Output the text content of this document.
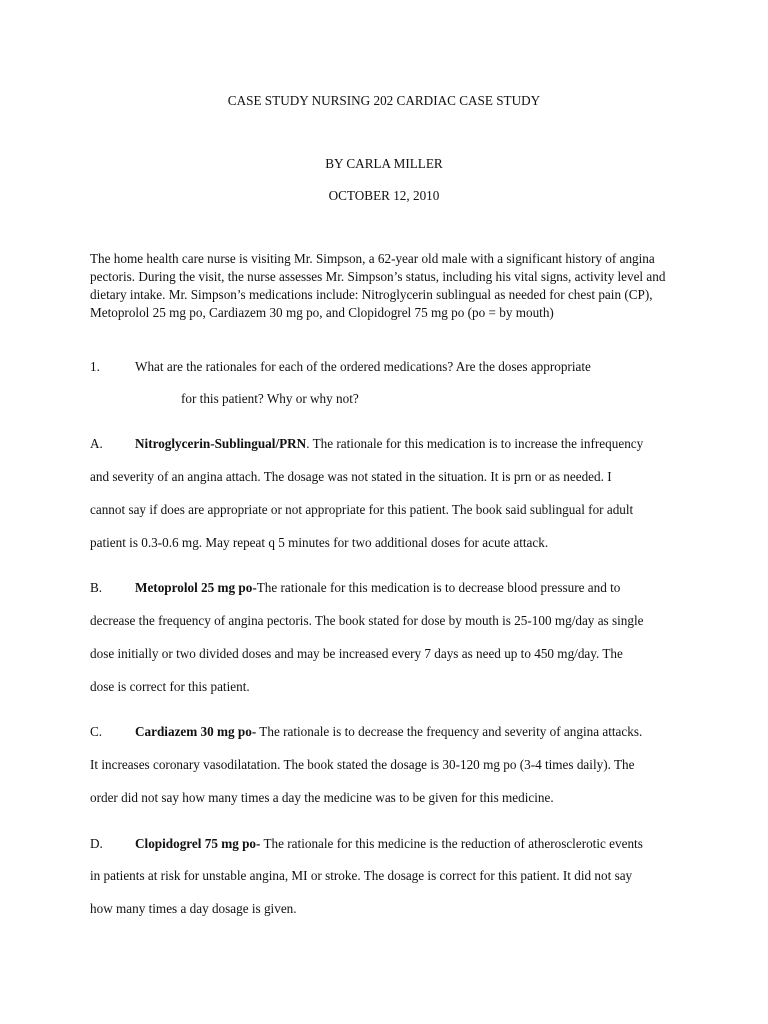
CASE STUDY NURSING 202 CARDIAC CASE STUDY
BY CARLA MILLER
OCTOBER 12, 2010

The home health care nurse is visiting Mr. Simpson, a 62-year old male with a significant history of angina pectoris. During the visit, the nurse assesses Mr. Simpson’s status, including his vital signs, activity level and dietary intake. Mr. Simpson’s medications include: Nitroglycerin sublingual as needed for chest pain (CP), Metoprolol 25 mg po, Cardiazem 30 mg po, and Clopidogrel 75 mg po (po = by mouth)

1.	What are the rationales for each of the ordered medications? Are the doses appropriate
for this patient? Why or why not?
A. Nitroglycerin-Sublingual/PRN. The rationale for this medication is to increase the infrequency
and severity of an angina attach. The dosage was not stated in the situation. It is prn or as needed. I
cannot say if does are appropriate or not appropriate for this patient. The book said sublingual for adult
patient is 0.3-0.6 mg. May repeat q 5 minutes for two additional doses for acute attack.
B. Metoprolol 25 mg po-The rationale for this medication is to decrease blood pressure and to
decrease the frequency of angina pectoris. The book stated for dose by mouth is 25-100 mg/day as single
dose initially or two divided doses and may be increased every 7 days as need up to 450 mg/day. The
dose is correct for this patient.
C. Cardiazem 30 mg po- The rationale is to decrease the frequency and severity of angina attacks.
It increases coronary vasodilatation. The book stated the dosage is 30-120 mg po (3-4 times daily). The
order did not say how many times a day the medicine was to be given for this medicine.
D. Clopidogrel 75 mg po- The rationale for this medicine is the reduction of atherosclerotic events
in patients at risk for unstable angina, MI or stroke. The dosage is correct for this patient. It did not say
how many times a day dosage is given.
